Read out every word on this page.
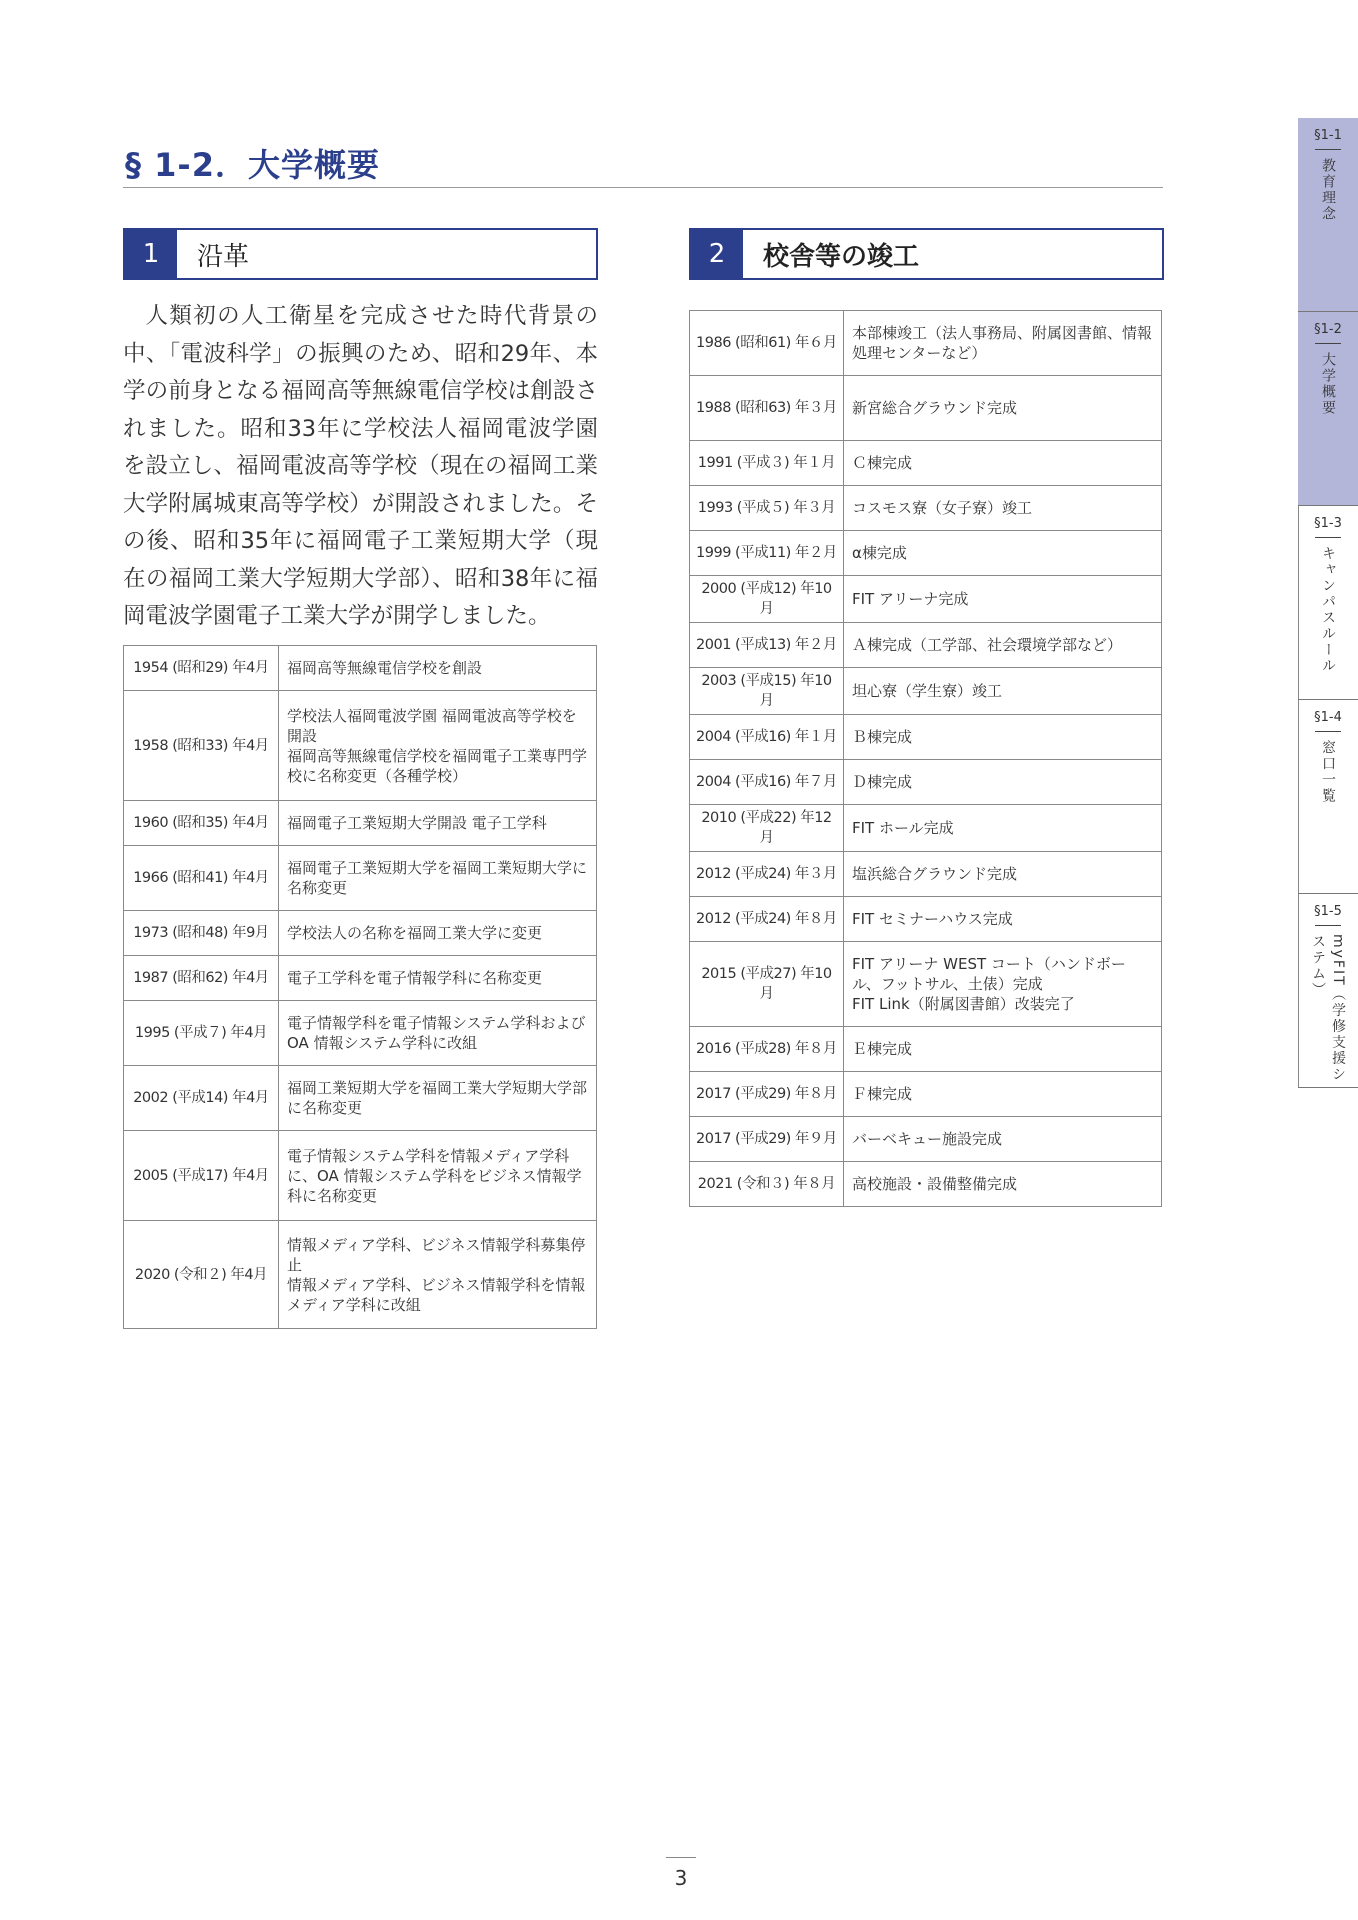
§ 1-2．大学概要
1	沿革

人類初の人工衛星を完成させた時代背景の中、「電波科学」の振興のため、昭和29年、本学の前身となる福岡高等無線電信学校は創設されました。昭和33年に学校法人福岡電波学園を設立し、福岡電波高等学校（現在の福岡工業大学附属城東高等学校）が開設されました。その後、昭和35年に福岡電子工業短期大学（現在の福岡工業大学短期大学部）、昭和38年に福岡電波学園電子工業大学が開学しました。

1954 (昭和29) 年4月	福岡高等無線電信学校を創設
1958 (昭和33) 年4月	学校法人福岡電波学園 福岡電波高等学校を開設
福岡高等無線電信学校を福岡電子工業専門学校に名称変更（各種学校）
1960 (昭和35) 年4月	福岡電子工業短期大学開設 電子工学科
1966 (昭和41) 年4月	福岡電子工業短期大学を福岡工業短期大学に名称変更
1973 (昭和48) 年9月	学校法人の名称を福岡工業大学に変更
1987 (昭和62) 年4月	電子工学科を電子情報学科に名称変更
1995 (平成７) 年4月	電子情報学科を電子情報システム学科および OA 情報システム学科に改組
2002 (平成14) 年4月	福岡工業短期大学を福岡工業大学短期大学部に名称変更
2005 (平成17) 年4月	電子情報システム学科を情報メディア学科に、OA 情報システム学科をビジネス情報学科に名称変更
2020 (令和２) 年4月	情報メディア学科、ビジネス情報学科募集停止
情報メディア学科、ビジネス情報学科を情報メディア学科に改組
2	校舎等の竣工
1986 (昭和61) 年６月	本部棟竣工（法人事務局、附属図書館、情報処理センターなど）
1988 (昭和63) 年３月	新宮総合グラウンド完成
1991 (平成３) 年１月	Ｃ棟完成
1993 (平成５) 年３月	コスモス寮（女子寮）竣工
1999 (平成11) 年２月	α棟完成
2000 (平成12) 年10月	FIT アリーナ完成
2001 (平成13) 年２月	Ａ棟完成（工学部、社会環境学部など）
2003 (平成15) 年10月	坦心寮（学生寮）竣工
2004 (平成16) 年１月	Ｂ棟完成
2004 (平成16) 年７月	Ｄ棟完成
2010 (平成22) 年12月	FIT ホール完成
2012 (平成24) 年３月	塩浜総合グラウンド完成
2012 (平成24) 年８月	FIT セミナーハウス完成
2015 (平成27) 年10月	FIT アリーナ WEST コート（ハンドボール、フットサル、土俵）完成
FIT Link（附属図書館）改装完了
2016 (平成28) 年８月	Ｅ棟完成
2017 (平成29) 年８月	Ｆ棟完成
2017 (平成29) 年９月	バーベキュー施設完成
2021 (令和３) 年８月	高校施設・設備整備完成
§1-1
教育理念
§1-2
大学概要
§1-3
キャンパスルール
§1-4
窓口一覧
§1-5
myFIT（学修支援システム）
3
